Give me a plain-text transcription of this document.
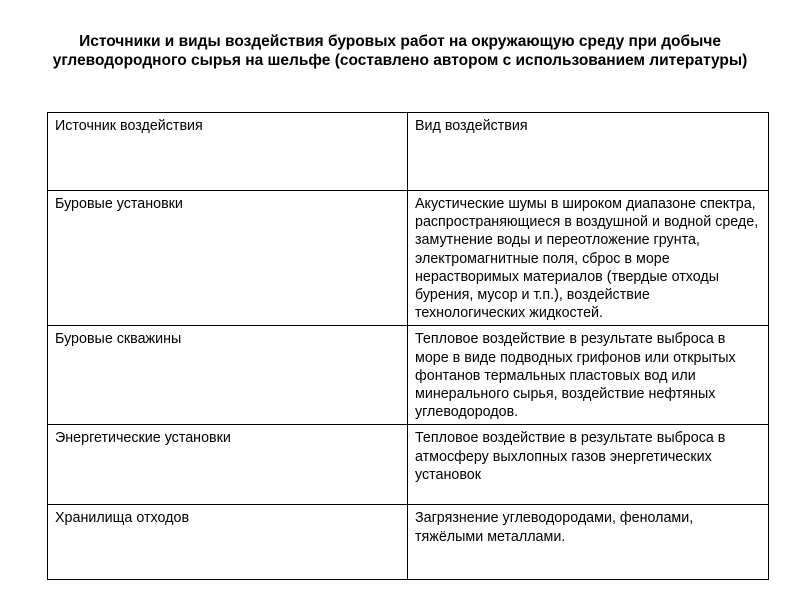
Источники и виды воздействия буровых работ на окружающую среду при добыче
углеводородного сырья на шельфе (составлено автором с использованием литературы)
Источник воздействия	Вид воздействия
Буровые установки	Акустические шумы в широком диапазоне спектра, распространяющиеся в воздушной и водной среде, замутнение воды и переотложение грунта, электромагнитные поля, сброс в море нерастворимых материалов (твердые отходы бурения, мусор и т.п.), воздействие технологических жидкостей.
Буровые скважины	Тепловое воздействие в результате выброса в море в виде подводных грифонов или открытых фонтанов термальных пластовых вод или минерального сырья, воздействие нефтяных углеводородов.
Энергетические установки	Тепловое воздействие в результате выброса в атмосферу выхлопных газов энергетических установок
Хранилища отходов	Загрязнение углеводородами, фенолами, тяжёлыми металлами.
